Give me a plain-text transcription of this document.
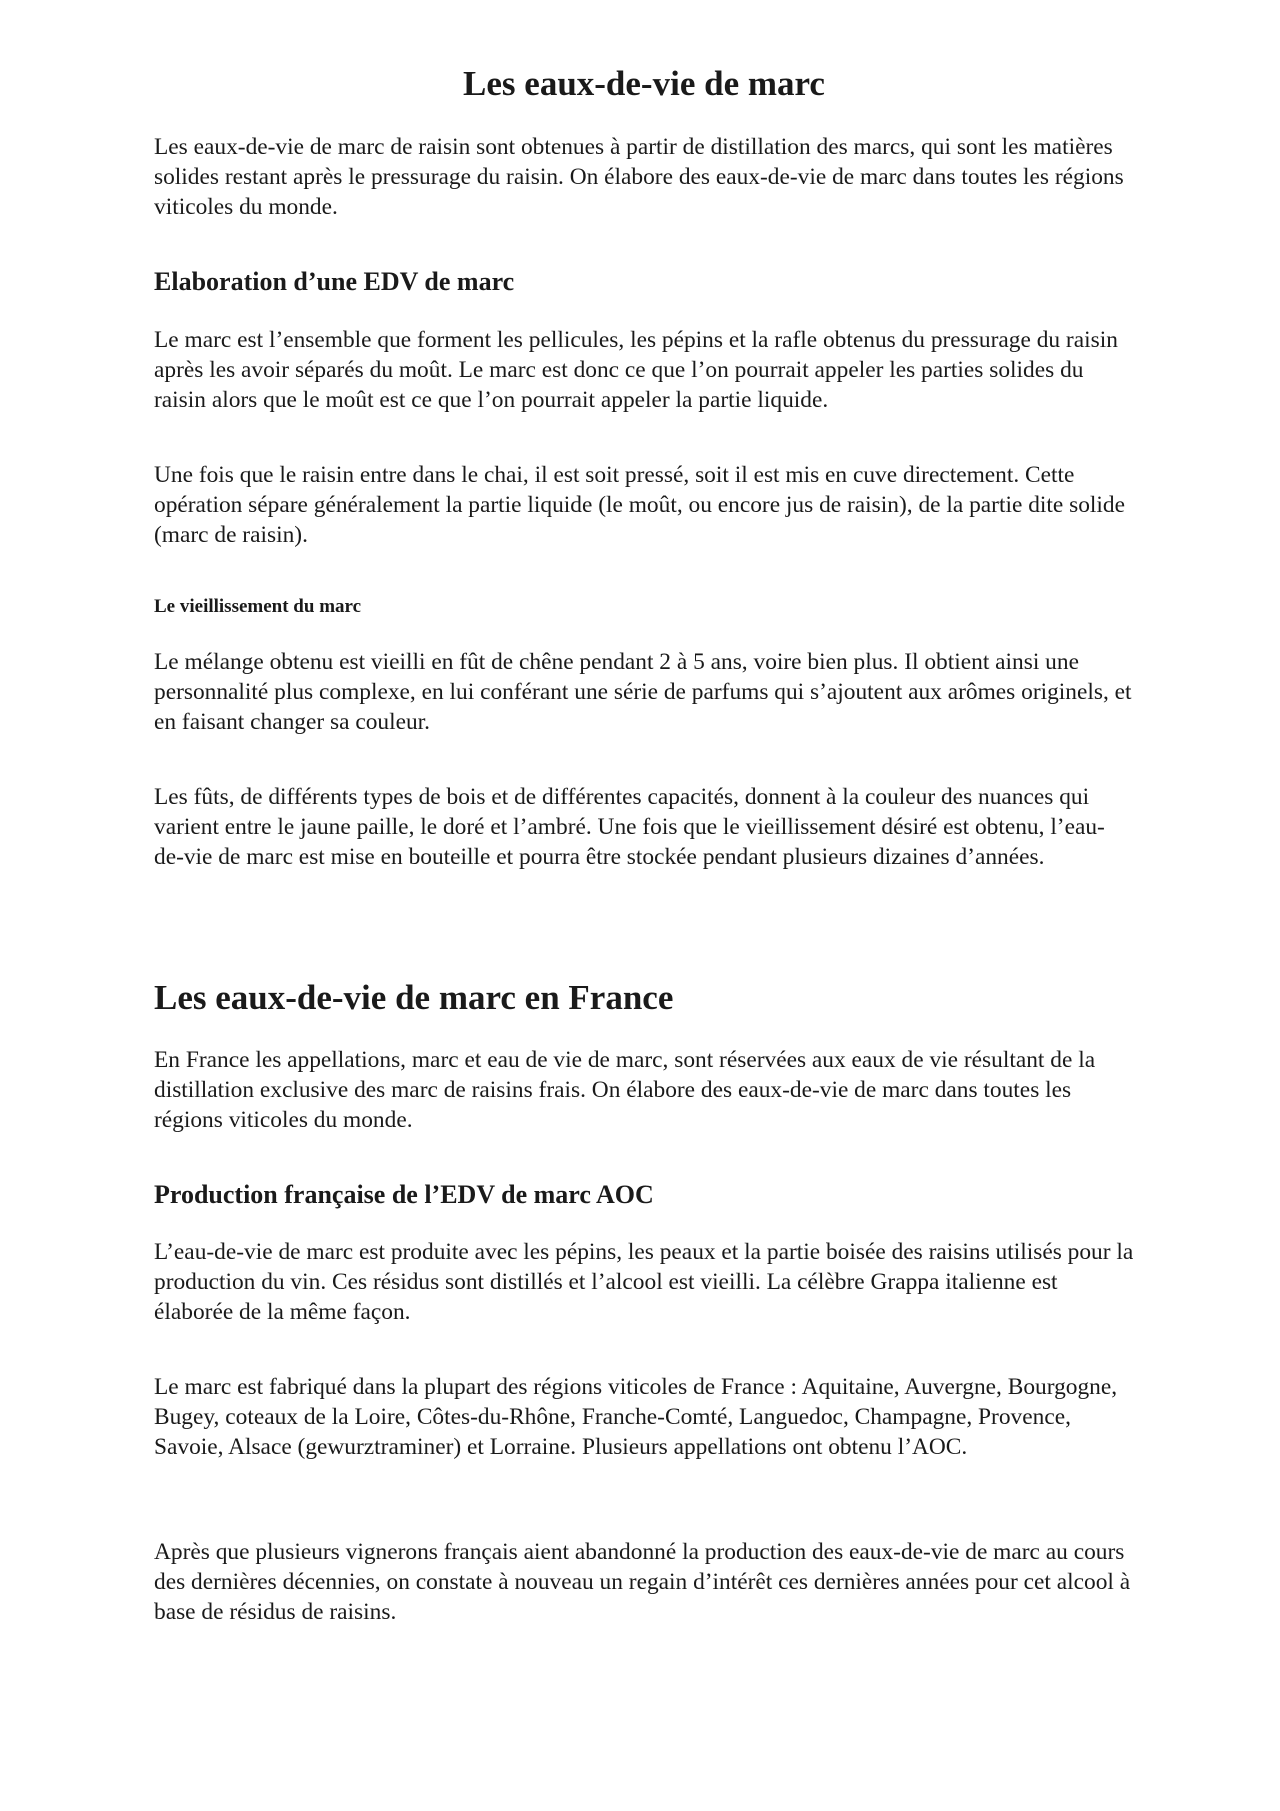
Les eaux-de-vie de marc

Les eaux-de-vie de marc de raisin sont obtenues à partir de distillation des marcs, qui sont les matières solides restant après le pressurage du raisin. On élabore des eaux-de-vie de marc dans toutes les régions viticoles du monde.

Elaboration d’une EDV de marc

Le marc est l’ensemble que forment les pellicules, les pépins et la rafle obtenus du pressurage du raisin après les avoir séparés du moût. Le marc est donc ce que l’on pourrait appeler les parties solides du raisin alors que le moût est ce que l’on pourrait appeler la partie liquide.

Une fois que le raisin entre dans le chai, il est soit pressé, soit il est mis en cuve directement. Cette opération sépare généralement la partie liquide (le moût, ou encore jus de raisin), de la partie dite solide (marc de raisin).

Le vieillissement du marc

Le mélange obtenu est vieilli en fût de chêne pendant 2 à 5 ans, voire bien plus. Il obtient ainsi une personnalité plus complexe, en lui conférant une série de parfums qui s’ajoutent aux arômes originels, et en faisant changer sa couleur.

Les fûts, de différents types de bois et de différentes capacités, donnent à la couleur des nuances qui varient entre le jaune paille, le doré et l’ambré. Une fois que le vieillissement désiré est obtenu, l’eau-de-vie de marc est mise en bouteille et pourra être stockée pendant plusieurs dizaines d’années.

Les eaux-de-vie de marc en France

En France les appellations, marc et eau de vie de marc, sont réservées aux eaux de vie résultant de la distillation exclusive des marc de raisins frais. On élabore des eaux-de-vie de marc dans toutes les régions viticoles du monde.

Production française de l’EDV de marc AOC

L’eau-de-vie de marc est produite avec les pépins, les peaux et la partie boisée des raisins utilisés pour la production du vin. Ces résidus sont distillés et l’alcool est vieilli. La célèbre Grappa italienne est élaborée de la même façon.

Le marc est fabriqué dans la plupart des régions viticoles de France : Aquitaine, Auvergne, Bourgogne, Bugey, coteaux de la Loire, Côtes-du-Rhône, Franche-Comté, Languedoc, Champagne, Provence, Savoie, Alsace (gewurztraminer) et Lorraine. Plusieurs appellations ont obtenu l’AOC.

Après que plusieurs vignerons français aient abandonné la production des eaux-de-vie de marc au cours des dernières décennies, on constate à nouveau un regain d’intérêt ces dernières années pour cet alcool à base de résidus de raisins.
